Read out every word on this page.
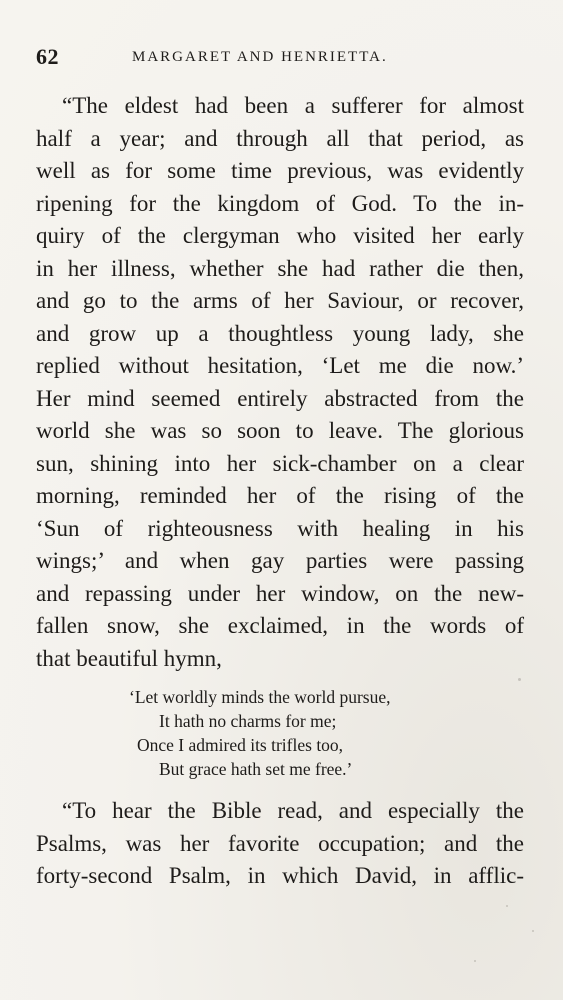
62	MARGARET AND HENRIETTA.
“The eldest had been a sufferer for almost
half a year; and through all that period, as
well as for some time previous, was evidently
ripening for the kingdom of God. To the in-
quiry of the clergyman who visited her early
in her illness, whether she had rather die then,
and go to the arms of her Saviour, or recover,
and grow up a thoughtless young lady, she
replied without hesitation, ‘Let me die now.’
Her mind seemed entirely abstracted from the
world she was so soon to leave. The glorious
sun, shining into her sick-chamber on a clear
morning, reminded her of the rising of the
‘Sun of righteousness with healing in his
wings;’ and when gay parties were passing
and repassing under her window, on the new-
fallen snow, she exclaimed, in the words of
that beautiful hymn,
‘Let worldly minds the world pursue,
It hath no charms for me;
Once I admired its trifles too,
But grace hath set me free.’
“To hear the Bible read, and especially the
Psalms, was her favorite occupation; and the
forty-second Psalm, in which David, in afflic-
